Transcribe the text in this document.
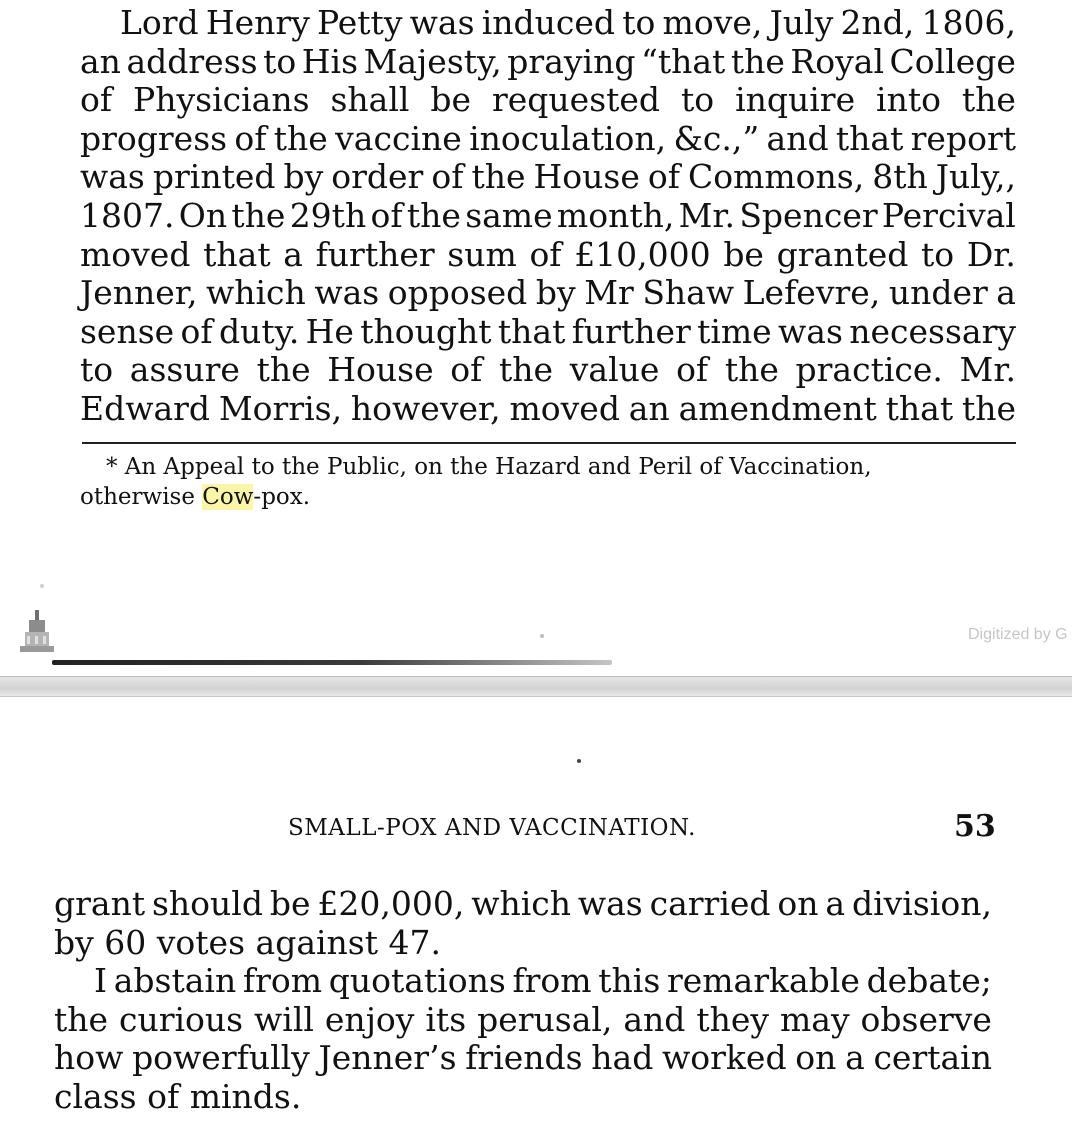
Lord Henry Petty was induced to move, July 2nd, 1806,
an address to His Majesty, praying “that the Royal College
of Physicians shall be requested to inquire into the
progress of the vaccine inoculation, &c.,” and that report
was printed by order of the House of Commons, 8th July,,
1807. On the 29th of the same month, Mr. Spencer Percival
moved that a further sum of £10,000 be granted to Dr.
Jenner, which was opposed by Mr Shaw Lefevre, under a
sense of duty. He thought that further time was necessary
to assure the House of the value of the practice. Mr.
Edward Morris, however, moved an amendment that the
* An Appeal to the Public, on the Hazard and Peril of Vaccination,
otherwise Cow-pox.
Digitized by G
SMALL-POX AND VACCINATION.	53
grant should be £20,000, which was carried on a division,
by 60 votes against 47.
I abstain from quotations from this remarkable debate;
the curious will enjoy its perusal, and they may observe
how powerfully Jenner’s friends had worked on a certain
class of minds.
